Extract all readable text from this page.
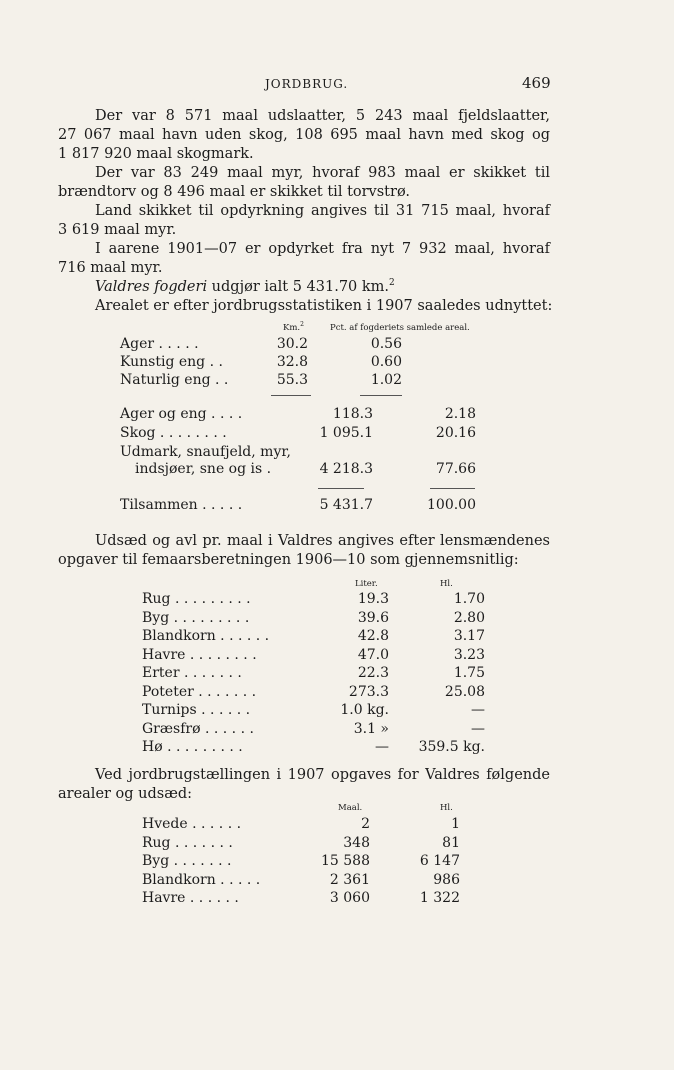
JORDBRUG.	469
Der var 8 571 maal udslaatter, 5 243 maal fjeldslaatter,
27 067 maal havn uden skog, 108 695 maal havn med skog og
1 817 920 maal skogmark.
Der var 83 249 maal myr, hvoraf 983 maal er skikket til
brændtorv og 8 496 maal er skikket til torvstrø.
Land skikket til opdyrkning angives til 31 715 maal, hvoraf
3 619 maal myr.
I aarene 1901—07 er opdyrket fra nyt 7 932 maal, hvoraf
716 maal myr.
Valdres fogderi udgjør ialt 5 431.70 km.$^2$
Arealet er efter jordbrugsstatistiken i 1907 saaledes udnyttet:
Km.$^2$	Pct. af fogderiets samlede areal.
Ager . . . . .	30.2	0.56
Kunstig eng . .	32.8	0.60
Naturlig eng . .	55.3	1.02
Ager og eng . . . .	118.3	2.18
Skog . . . . . . . .	1 095.1	20.16
Udmark, snaufjeld, myr,
indsjøer, sne og is .	4 218.3	77.66
Tilsammen . . . . .	5 431.7	100.00
Udsæd og avl pr. maal i Valdres angives efter lensmændenes
opgaver til femaarsberetningen 1906—10 som gjennemsnitlig:
Liter.	Hl.
Rug . . . . . . . . .	19.3	1.70
Byg . . . . . . . . .	39.6	2.80
Blandkorn . . . . . .	42.8	3.17
Havre . . . . . . . .	47.0	3.23
Erter . . . . . . .	22.3	1.75
Poteter . . . . . . .	273.3	25.08
Turnips . . . . . .	1.0 kg.	—
Græsfrø . . . . . .	3.1 »	—
Hø . . . . . . . . .	—	359.5 kg.
Ved jordbrugstællingen i 1907 opgaves for Valdres følgende
arealer og udsæd:
Maal.	Hl.
Hvede . . . . . .	2	1
Rug . . . . . . .	348	81
Byg . . . . . . .	15 588	6 147
Blandkorn . . . . .	2 361	986
Havre . . . . . .	3 060	1 322
